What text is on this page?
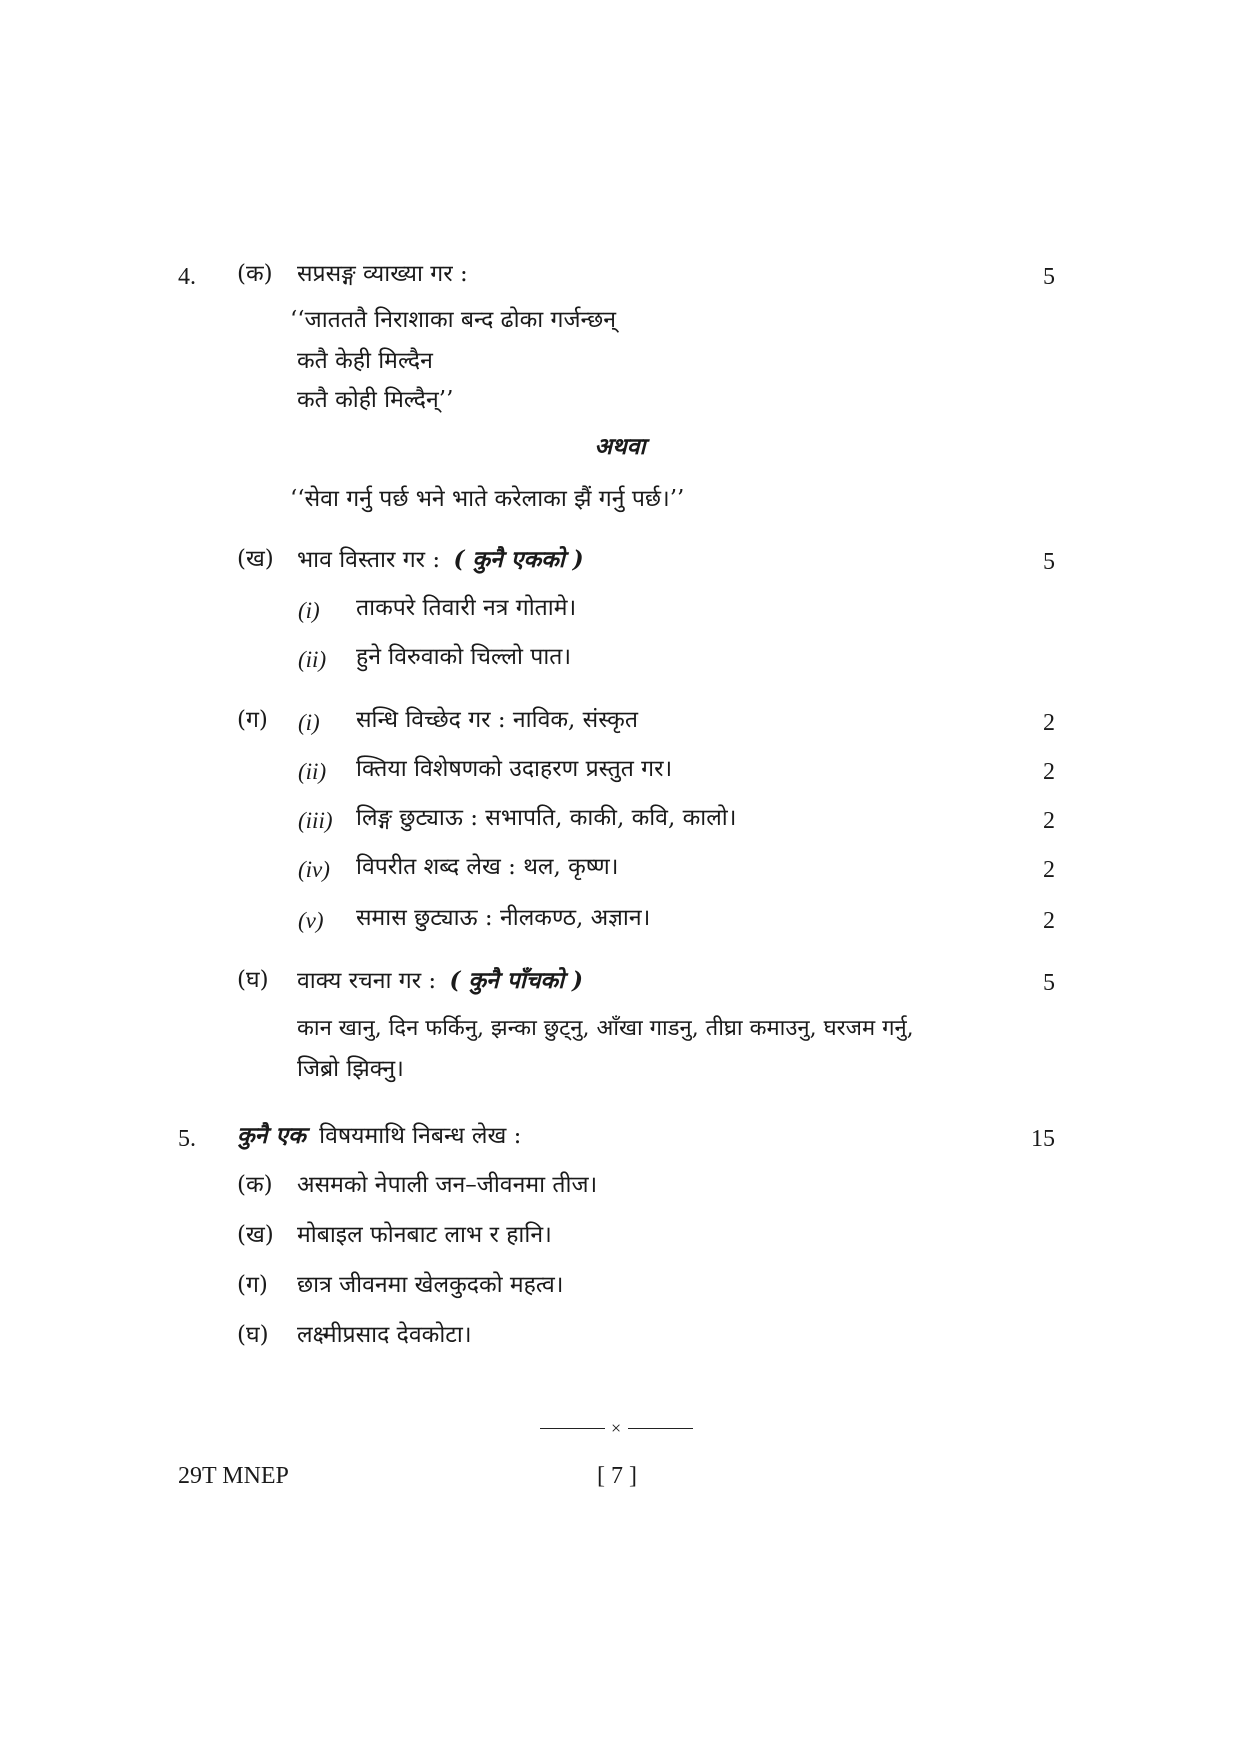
4. (क) सप्रसङ्ग व्याख्या गर :	5
‘‘जातततै निराशाका बन्द ढोका गर्जन्छन्
कतै केही मिल्दैन
कतै कोही मिल्दैन्’’
अथवा
‘‘सेवा गर्नु पर्छ भने भाते करेलाका झैं गर्नु पर्छ।’’
(ख) भाव विस्तार गर : ( कुनै एकको )	5
(i) ताकपरे तिवारी नत्र गोतामे।
(ii) हुने विरुवाको चिल्लो पात।
(ग) (i) सन्धि विच्छेद गर : नाविक, संस्कृत	2
(ii) क्तिया विशेषणको उदाहरण प्रस्तुत गर।	2
(iii) लिङ्ग छुट्याऊ : सभापति, काकी, कवि, कालो।	2
(iv) विपरीत शब्द लेख : थल, कृष्ण।	2
(v) समास छुट्याऊ : नीलकण्ठ, अज्ञान।	2
(घ) वाक्य रचना गर : ( कुनै पाँचको )	5
कान खानु, दिन फर्किनु, झन्का छुट्नु, आँखा गाडनु, तीघ्रा कमाउनु, घरजम गर्नु,
जिब्रो झिक्नु।
5. कुनै एक विषयमाथि निबन्ध लेख :	15
(क) असमको नेपाली जन–जीवनमा तीज।
(ख) मोबाइल फोनबाट लाभ र हानि।
(ग) छात्र जीवनमा खेलकुदको महत्व।
(घ) लक्ष्मीप्रसाद देवकोटा।
×
29T MNEP	[ 7 ]
